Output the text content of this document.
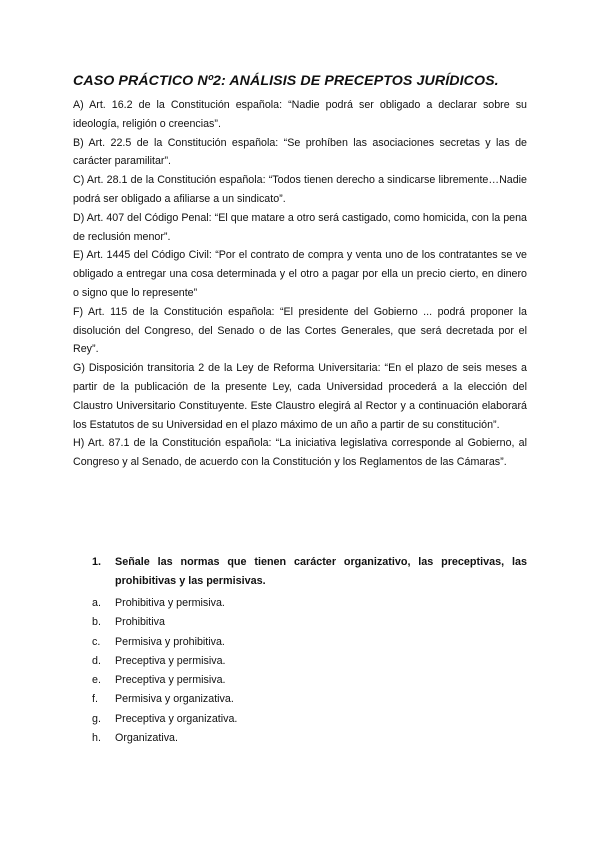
CASO PRÁCTICO Nº2: ANÁLISIS DE PRECEPTOS JURÍDICOS.

A) Art. 16.2 de la Constitución española: “Nadie podrá ser obligado a declarar sobre su ideología, religión o creencias”.

B) Art. 22.5 de la Constitución española: “Se prohíben las asociaciones secretas y las de carácter paramilitar”.

C) Art. 28.1 de la Constitución española: “Todos tienen derecho a sindicarse libremente…Nadie podrá ser obligado a afiliarse a un sindicato”.

D) Art. 407 del Código Penal: “El que matare a otro será castigado, como homicida, con la pena de reclusión menor”.

E) Art. 1445 del Código Civil: “Por el contrato de compra y venta uno de los contratantes se ve obligado a entregar una cosa determinada y el otro a pagar por ella un precio cierto, en dinero o signo que lo represente”

F) Art. 115 de la Constitución española: “El presidente del Gobierno ... podrá proponer la disolución del Congreso, del Senado o de las Cortes Generales, que será decretada por el Rey”.

G) Disposición transitoria 2 de la Ley de Reforma Universitaria: “En el plazo de seis meses a partir de la publicación de la presente Ley, cada Universidad procederá a la elección del Claustro Universitario Constituyente. Este Claustro elegirá al Rector y a continuación elaborará los Estatutos de su Universidad en el plazo máximo de un año a partir de su constitución”.

H) Art. 87.1 de la Constitución española: “La iniciativa legislativa corresponde al Gobierno, al Congreso y al Senado, de acuerdo con la Constitución y los Reglamentos de las Cámaras”.

1.	Señale las normas que tienen carácter organizativo, las preceptivas, las prohibitivas y las permisivas.
a.	Prohibitiva y permisiva.
b.	Prohibitiva
c.	Permisiva y prohibitiva.
d.	Preceptiva y permisiva.
e.	Preceptiva y permisiva.
f.	Permisiva y organizativa.
g.	Preceptiva y organizativa.
h.	Organizativa.
